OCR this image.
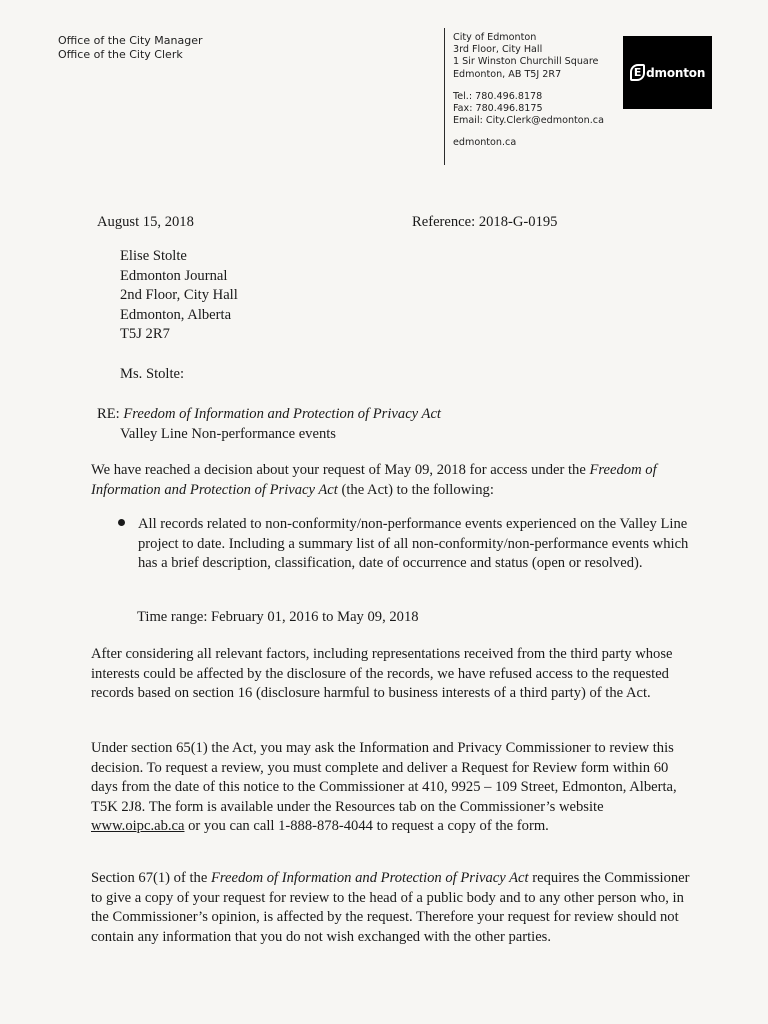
Office of the City Manager
Office of the City Clerk
City of Edmonton
3rd Floor, City Hall
1 Sir Winston Churchill Square
Edmonton, AB T5J 2R7
Tel.: 780.496.8178
Fax: 780.496.8175
Email: City.Clerk@edmonton.ca
edmonton.ca
E dmonton
August 15, 2018	Reference: 2018-G-0195
Elise Stolte
Edmonton Journal
2nd Floor, City Hall
Edmonton, Alberta
T5J 2R7
Ms. Stolte:
RE: Freedom of Information and Protection of Privacy Act
Valley Line Non-performance events
We have reached a decision about your request of May 09, 2018 for access under the Freedom of Information and Protection of Privacy Act (the Act) to the following:
All records related to non-conformity/non-performance events experienced on the Valley Line project to date. Including a summary list of all non-conformity/non-performance events which has a brief description, classification, date of occurrence and status (open or resolved).
Time range: February 01, 2016 to May 09, 2018
After considering all relevant factors, including representations received from the third party whose interests could be affected by the disclosure of the records, we have refused access to the requested records based on section 16 (disclosure harmful to business interests of a third party) of the Act.
Under section 65(1) the Act, you may ask the Information and Privacy Commissioner to review this decision. To request a review, you must complete and deliver a Request for Review form within 60 days from the date of this notice to the Commissioner at 410, 9925 – 109 Street, Edmonton, Alberta, T5K 2J8. The form is available under the Resources tab on the Commissioner’s website www.oipc.ab.ca or you can call 1-888-878-4044 to request a copy of the form.
Section 67(1) of the Freedom of Information and Protection of Privacy Act requires the Commissioner to give a copy of your request for review to the head of a public body and to any other person who, in the Commissioner’s opinion, is affected by the request. Therefore your request for review should not contain any information that you do not wish exchanged with the other parties.
